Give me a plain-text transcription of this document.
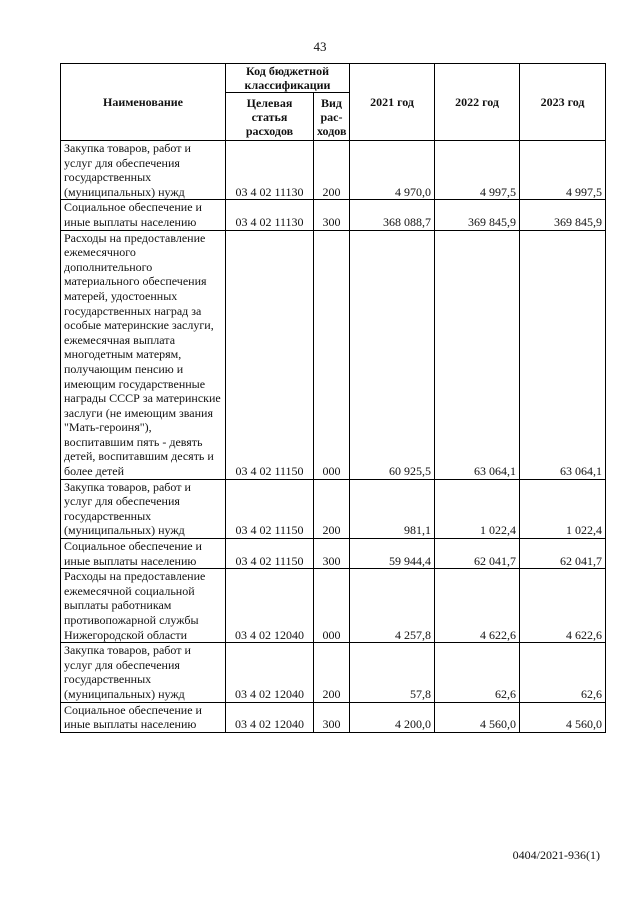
43
Наименование	Код бюджетной классификации		2021 год	2022 год	2023 год
	Целевая статья расходов	Вид рас-ходов			
Закупка товаров, работ и услуг для обеспечения государственных (муниципальных) нужд	03 4 02 11130	200	4 970,0	4 997,5	4 997,5
Социальное обеспечение и иные выплаты населению	03 4 02 11130	300	368 088,7	369 845,9	369 845,9
Расходы на предоставление ежемесячного дополнительного материального обеспечения матерей, удостоенных государственных наград за особые материнские заслуги, ежемесячная выплата многодетным матерям, получающим пенсию и имеющим государственные награды СССР за материнские заслуги (не имеющим звания "Мать-героиня"), воспитавшим пять - девять детей, воспитавшим десять и более детей	03 4 02 11150	000	60 925,5	63 064,1	63 064,1
Закупка товаров, работ и услуг для обеспечения государственных (муниципальных) нужд	03 4 02 11150	200	981,1	1 022,4	1 022,4
Социальное обеспечение и иные выплаты населению	03 4 02 11150	300	59 944,4	62 041,7	62 041,7
Расходы на предоставление ежемесячной социальной выплаты работникам противопожарной службы Нижегородской области	03 4 02 12040	000	4 257,8	4 622,6	4 622,6
Закупка товаров, работ и услуг для обеспечения государственных (муниципальных) нужд	03 4 02 12040	200	57,8	62,6	62,6
Социальное обеспечение и иные выплаты населению	03 4 02 12040	300	4 200,0	4 560,0	4 560,0
0404/2021-936(1)
